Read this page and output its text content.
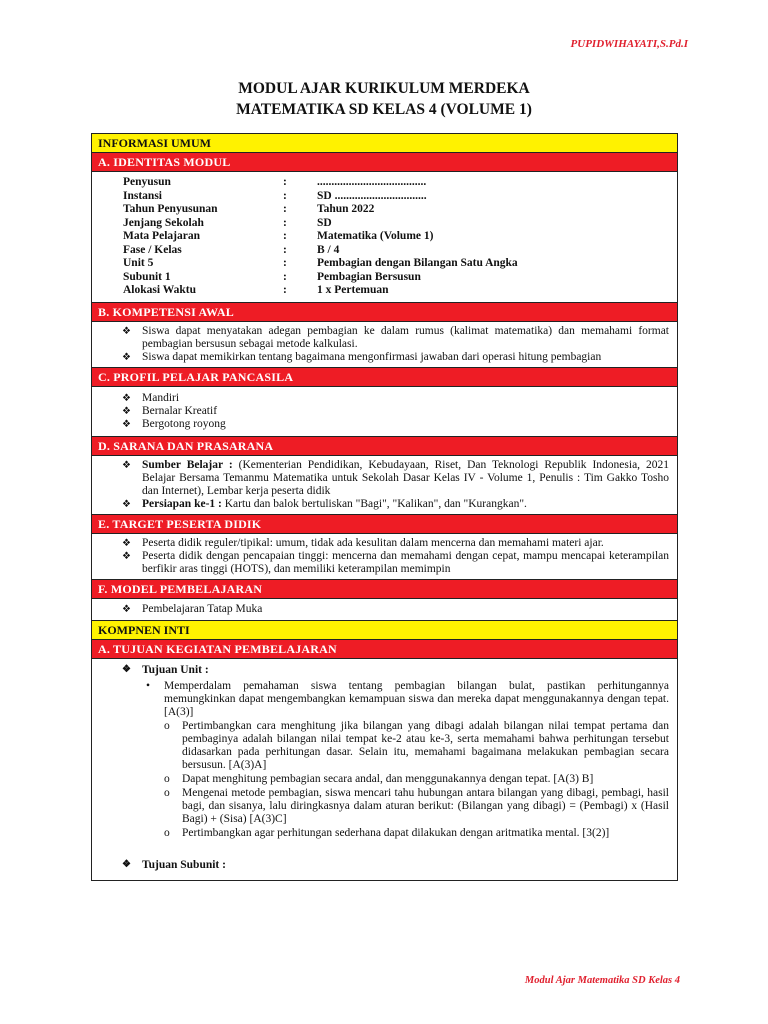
PUPIDWIHAYATI,S.Pd.I
MODUL AJAR KURIKULUM MERDEKA
MATEMATIKA SD KELAS 4 (VOLUME 1)
INFORMASI UMUM
A. IDENTITAS MODUL
Penyusun	:	......................................
Instansi	:	SD ................................
Tahun Penyusunan	:	Tahun 2022
Jenjang Sekolah	:	SD
Mata Pelajaran	:	Matematika (Volume 1)
Fase / Kelas	:	B / 4
Unit 5	:	Pembagian dengan Bilangan Satu Angka
Subunit 1	:	Pembagian Bersusun
Alokasi Waktu	:	1 x Pertemuan
B. KOMPETENSI AWAL
❖ Siswa dapat menyatakan adegan pembagian ke dalam rumus (kalimat matematika) dan memahami format pembagian bersusun sebagai metode kalkulasi.
❖ Siswa dapat memikirkan tentang bagaimana mengonfirmasi jawaban dari operasi hitung pembagian
C. PROFIL PELAJAR PANCASILA
❖ Mandiri
❖ Bernalar Kreatif
❖ Bergotong royong
D. SARANA DAN PRASARANA
❖ Sumber Belajar : (Kementerian Pendidikan, Kebudayaan, Riset, Dan Teknologi Republik Indonesia, 2021 Belajar Bersama Temanmu Matematika untuk Sekolah Dasar Kelas IV - Volume 1, Penulis : Tim Gakko Tosho dan Internet), Lembar kerja peserta didik
❖ Persiapan ke-1 : Kartu dan balok bertuliskan "Bagi", "Kalikan", dan "Kurangkan".
E. TARGET PESERTA DIDIK
❖ Peserta didik reguler/tipikal: umum, tidak ada kesulitan dalam mencerna dan memahami materi ajar.
❖ Peserta didik dengan pencapaian tinggi: mencerna dan memahami dengan cepat, mampu mencapai keterampilan berfikir aras tinggi (HOTS), dan memiliki keterampilan memimpin
F. MODEL PEMBELAJARAN
❖ Pembelajaran Tatap Muka
KOMPNEN INTI
A. TUJUAN KEGIATAN PEMBELAJARAN
❖ Tujuan Unit :
• Memperdalam pemahaman siswa tentang pembagian bilangan bulat, pastikan perhitungannya memungkinkan dapat mengembangkan kemampuan siswa dan mereka dapat menggunakannya dengan tepat. [A(3)]
o Pertimbangkan cara menghitung jika bilangan yang dibagi adalah bilangan nilai tempat pertama dan pembaginya adalah bilangan nilai tempat ke-2 atau ke-3, serta memahami bahwa perhitungan tersebut didasarkan pada perhitungan dasar. Selain itu, memahami bagaimana melakukan pembagian secara bersusun. [A(3)A]
o Dapat menghitung pembagian secara andal, dan menggunakannya dengan tepat. [A(3) B]
o Mengenai metode pembagian, siswa mencari tahu hubungan antara bilangan yang dibagi, pembagi, hasil bagi, dan sisanya, lalu diringkasnya dalam aturan berikut: (Bilangan yang dibagi) = (Pembagi) x (Hasil Bagi) + (Sisa) [A(3)C]
o Pertimbangkan agar perhitungan sederhana dapat dilakukan dengan aritmatika mental. [3(2)]
❖ Tujuan Subunit :
Modul Ajar Matematika SD Kelas 4
